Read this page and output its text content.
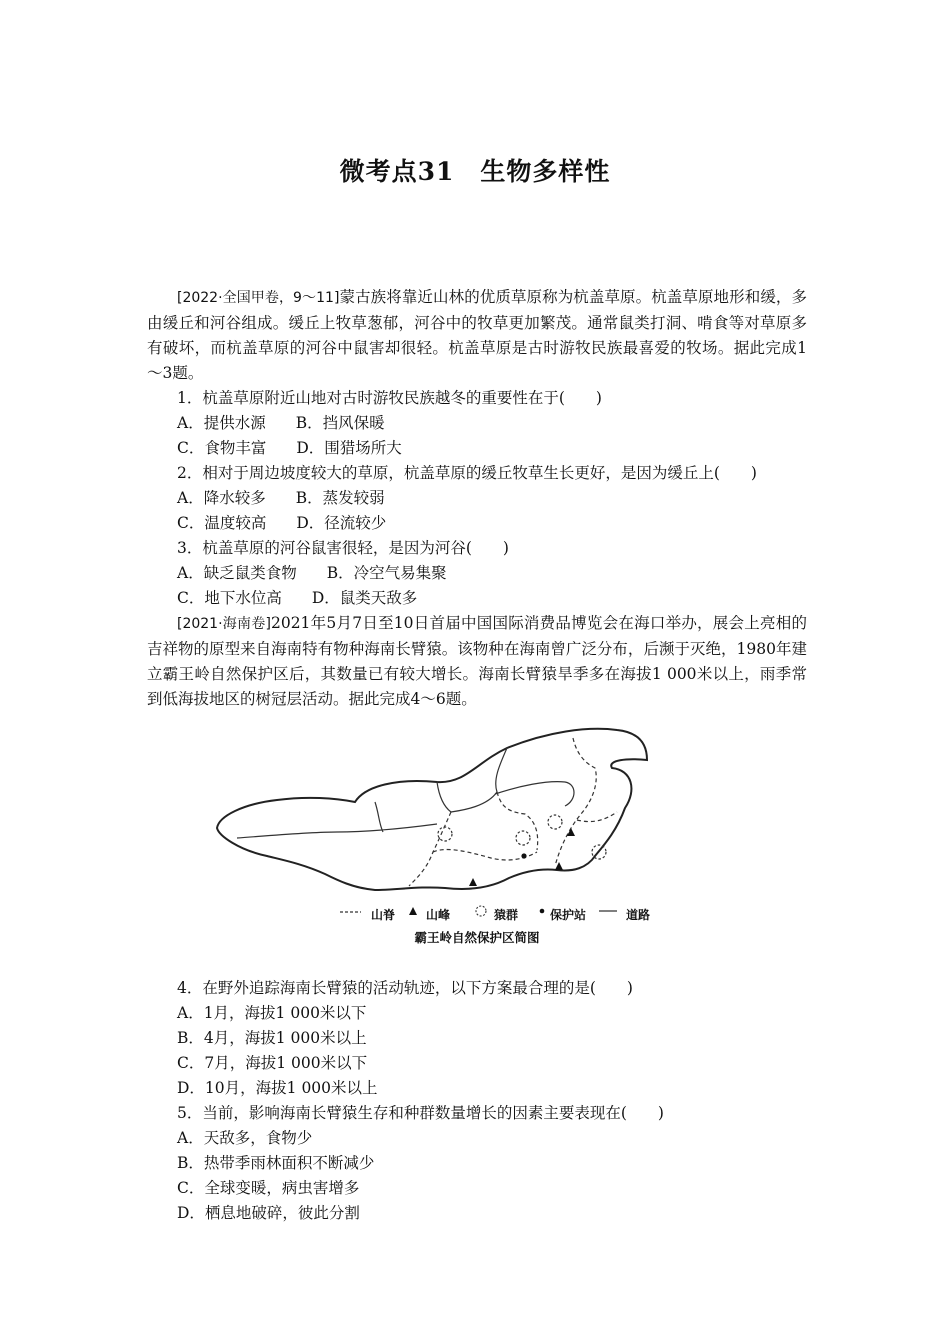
微考点31　生物多样性

[2022·全国甲卷，9～11]蒙古族将靠近山林的优质草原称为杭盖草原。杭盖草原地形和缓，多由缓丘和河谷组成。缓丘上牧草葱郁，河谷中的牧草更加繁茂。通常鼠类打洞、啃食等对草原多有破坏，而杭盖草原的河谷中鼠害却很轻。杭盖草原是古时游牧民族最喜爱的牧场。据此完成1～3题。

1．杭盖草原附近山地对古时游牧民族越冬的重要性在于(　　)

A．提供水源 B．挡风保暖

C．食物丰富 D．围猎场所大

2．相对于周边坡度较大的草原，杭盖草原的缓丘牧草生长更好，是因为缓丘上(　　)

A．降水较多 B．蒸发较弱

C．温度较高 D．径流较少

3．杭盖草原的河谷鼠害很轻，是因为河谷(　　)

A．缺乏鼠类食物 B．冷空气易集聚

C．地下水位高 D．鼠类天敌多

[2021·海南卷]2021年5月7日至10日首届中国国际消费品博览会在海口举办，展会上亮相的吉祥物的原型来自海南特有物种海南长臂猿。该物种在海南曾广泛分布，后濒于灭绝，1980年建立霸王岭自然保护区后，其数量已有较大增长。海南长臂猿旱季多在海拔1 000米以上，雨季常到低海拔地区的树冠层活动。据此完成4～6题。

山脊	山峰	猿群	保护站	道路
霸王岭自然保护区简图

4．在野外追踪海南长臂猿的活动轨迹，以下方案最合理的是(　　)

A．1月，海拔1 000米以下

B．4月，海拔1 000米以上

C．7月，海拔1 000米以下

D．10月，海拔1 000米以上

5．当前，影响海南长臂猿生存和种群数量增长的因素主要表现在(　　)

A．天敌多，食物少

B．热带季雨林面积不断减少

C．全球变暖，病虫害增多

D．栖息地破碎，彼此分割
